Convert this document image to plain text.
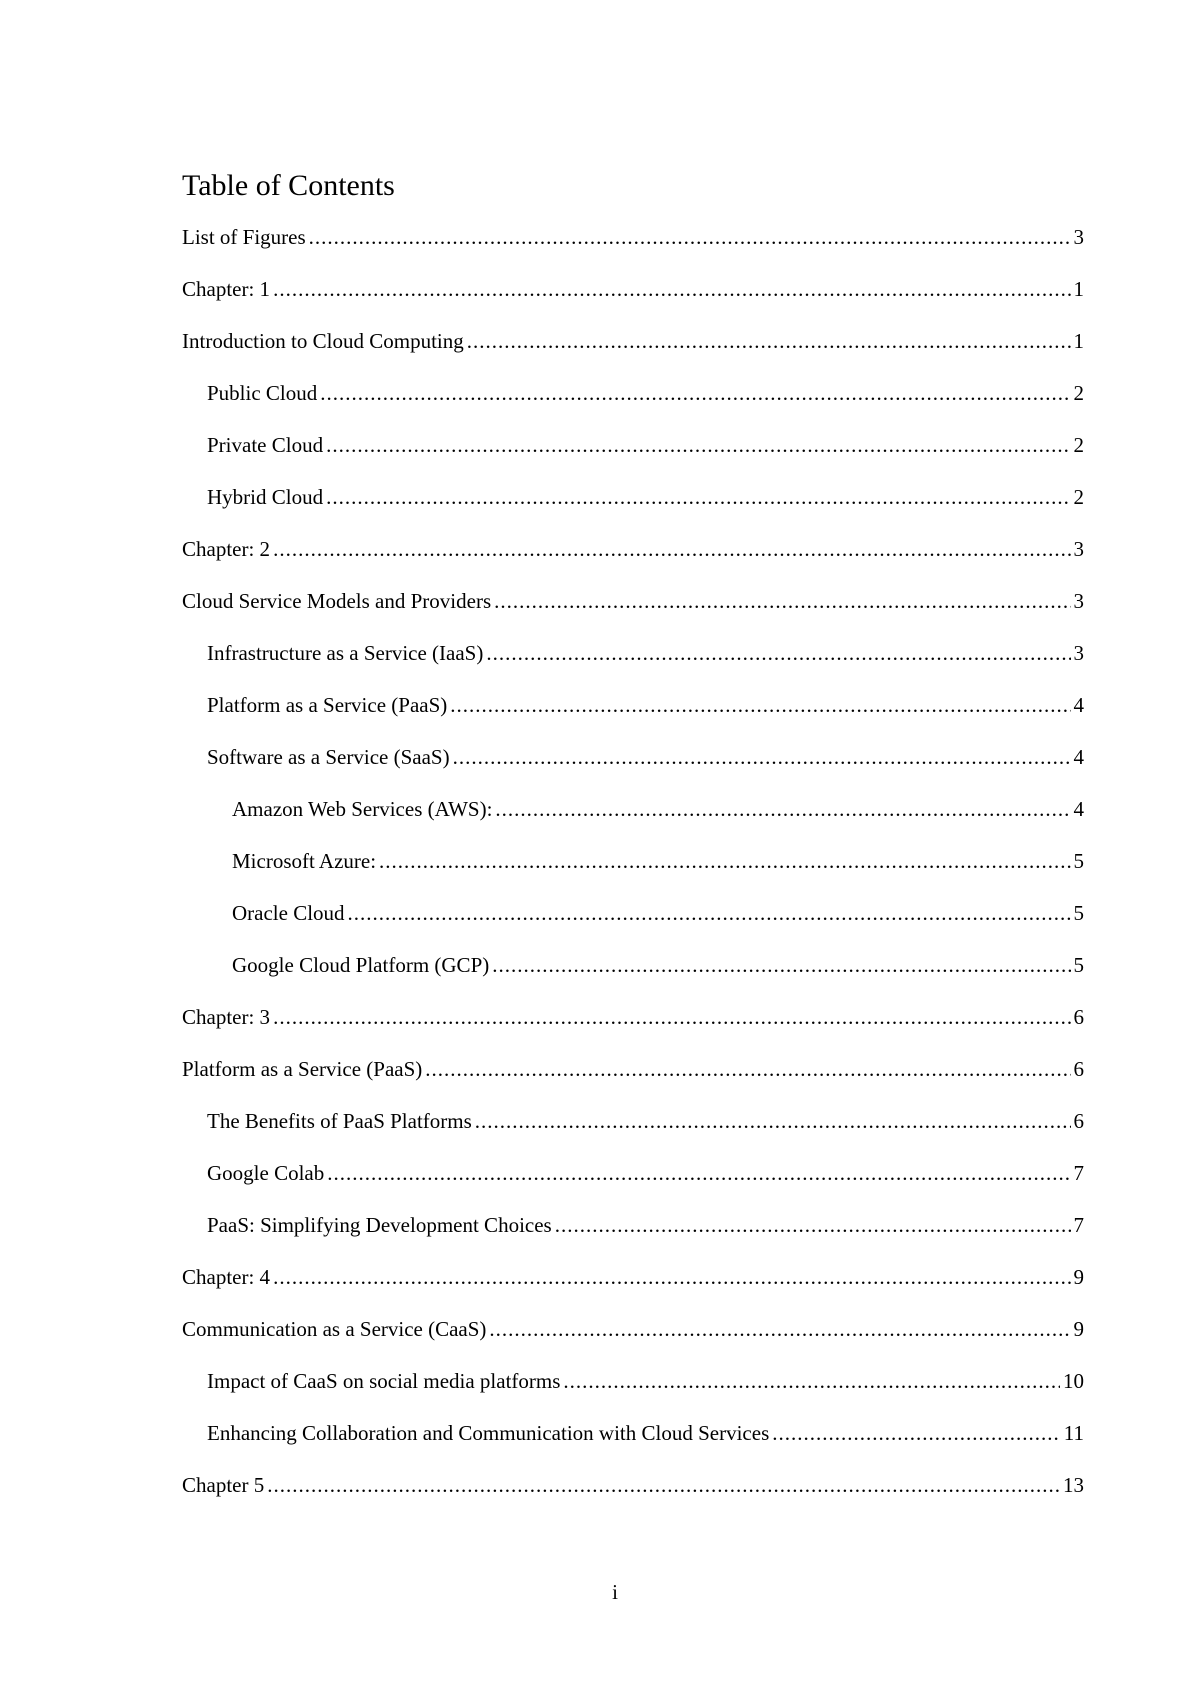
Table of Contents
List of Figures .....	3
Chapter: 1 .....	1
Introduction to Cloud Computing .....	1
Public Cloud .....	2
Private Cloud .....	2
Hybrid Cloud .....	2
Chapter: 2 .....	3
Cloud Service Models and Providers .....	3
Infrastructure as a Service (IaaS) .....	3
Platform as a Service (PaaS) .....	4
Software as a Service (SaaS) .....	4
Amazon Web Services (AWS): .....	4
Microsoft Azure: .....	5
Oracle Cloud .....	5
Google Cloud Platform (GCP) .....	5
Chapter: 3 .....	6
Platform as a Service (PaaS) .....	6
The Benefits of PaaS Platforms .....	6
Google Colab .....	7
PaaS: Simplifying Development Choices .....	7
Chapter: 4 .....	9
Communication as a Service (CaaS) .....	9
Impact of CaaS on social media platforms .....	10
Enhancing Collaboration and Communication with Cloud Services .....	11
Chapter 5 .....	13
i
